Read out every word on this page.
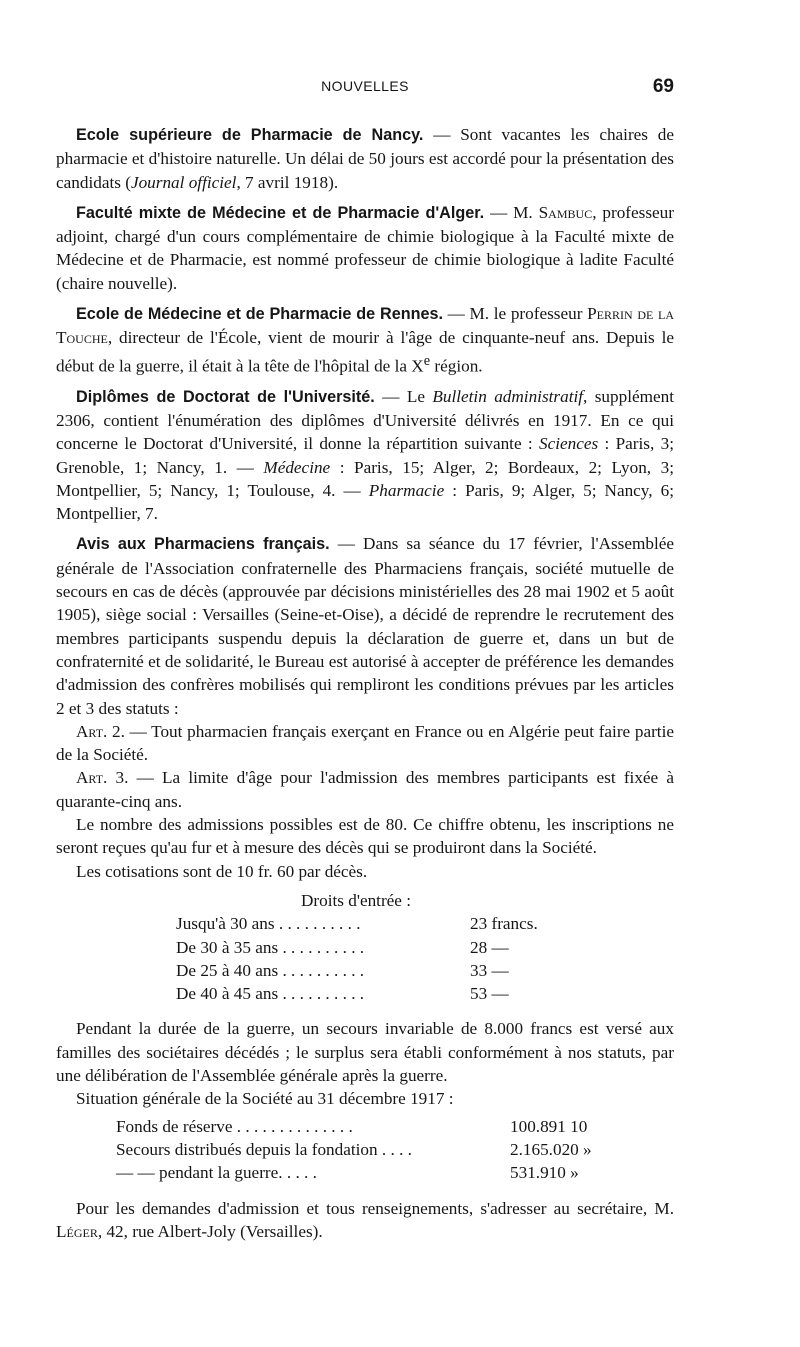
NOUVELLES	69

Ecole supérieure de Pharmacie de Nancy. — Sont vacantes les chaires de pharmacie et d'histoire naturelle. Un délai de 50 jours est accordé pour la présentation des candidats (Journal officiel, 7 avril 1918).

Faculté mixte de Médecine et de Pharmacie d'Alger. — M. Sambuc, professeur adjoint, chargé d'un cours complémentaire de chimie biologique à la Faculté mixte de Médecine et de Pharmacie, est nommé professeur de chimie biologique à ladite Faculté (chaire nouvelle).

Ecole de Médecine et de Pharmacie de Rennes. — M. le professeur Perrin de la Touche, directeur de l'École, vient de mourir à l'âge de cinquante-neuf ans. Depuis le début de la guerre, il était à la tête de l'hôpital de la Xe région.

Diplômes de Doctorat de l'Université. — Le Bulletin administratif, supplément 2306, contient l'énumération des diplômes d'Université délivrés en 1917. En ce qui concerne le Doctorat d'Université, il donne la répartition suivante : Sciences : Paris, 3; Grenoble, 1; Nancy, 1. — Médecine : Paris, 15; Alger, 2; Bordeaux, 2; Lyon, 3; Montpellier, 5; Nancy, 1; Toulouse, 4. — Pharmacie : Paris, 9; Alger, 5; Nancy, 6; Montpellier, 7.

Avis aux Pharmaciens français. — Dans sa séance du 17 février, l'Assemblée générale de l'Association confraternelle des Pharmaciens français, société mutuelle de secours en cas de décès (approuvée par décisions ministérielles des 28 mai 1902 et 5 août 1905), siège social : Versailles (Seine-et-Oise), a décidé de reprendre le recrutement des membres participants suspendu depuis la déclaration de guerre et, dans un but de confraternité et de solidarité, le Bureau est autorisé à accepter de préférence les demandes d'admission des confrères mobilisés qui rempliront les conditions prévues par les articles 2 et 3 des statuts :

Art. 2. — Tout pharmacien français exerçant en France ou en Algérie peut faire partie de la Société.

Art. 3. — La limite d'âge pour l'admission des membres participants est fixée à quarante-cinq ans.

Le nombre des admissions possibles est de 80. Ce chiffre obtenu, les inscriptions ne seront reçues qu'au fur et à mesure des décès qui se produiront dans la Société.

Les cotisations sont de 10 fr. 60 par décès.

Droits d'entrée :
Jusqu'à 30 ans . . . . . . . . . .	23 francs.
De 30 à 35 ans . . . . . . . . . .	28 —
De 25 à 40 ans . . . . . . . . . .	33 —
De 40 à 45 ans . . . . . . . . . .	53 —

Pendant la durée de la guerre, un secours invariable de 8.000 francs est versé aux familles des sociétaires décédés ; le surplus sera établi conformément à nos statuts, par une délibération de l'Assemblée générale après la guerre.

Situation générale de la Société au 31 décembre 1917 :

Fonds de réserve . . . . . . . . . . . . . .	100.891 10
Secours distribués depuis la fondation . . . .	2.165.020 »
— — pendant la guerre. . . . .	531.910 »

Pour les demandes d'admission et tous renseignements, s'adresser au secrétaire, M. Léger, 42, rue Albert-Joly (Versailles).
